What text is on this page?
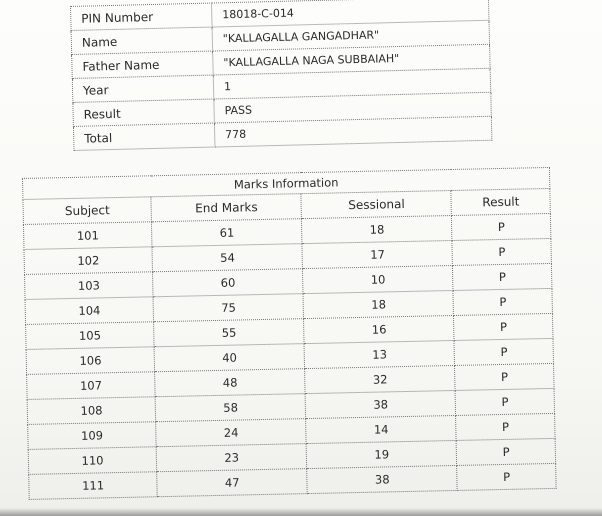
PIN Number	18018-C-014
Name	"KALLAGALLA GANGADHAR"
Father Name	"KALLAGALLA NAGA SUBBAIAH"
Year	1
Result	PASS
Total	778
Marks Information			
Subject	End Marks	Sessional	Result
101	61	18	P
102	54	17	P
103	60	10	P
104	75	18	P
105	55	16	P
106	40	13	P
107	48	32	P
108	58	38	P
109	24	14	P
110	23	19	P
111	47	38	P
